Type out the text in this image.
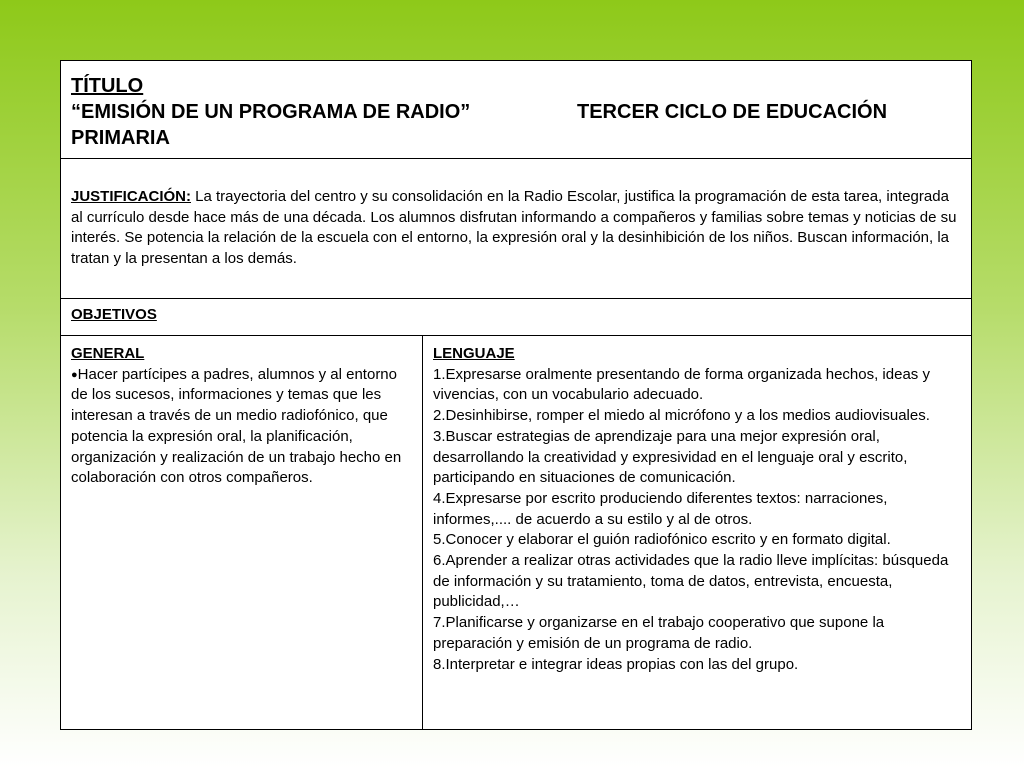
TÍTULO
“EMISIÓN DE UN PROGRAMA DE RADIO”	TERCER CICLO DE EDUCACIÓN
PRIMARIA
JUSTIFICACIÓN: La trayectoria del centro y su consolidación en la Radio Escolar, justifica la programación de esta tarea, integrada al currículo desde hace más de una década. Los alumnos disfrutan informando a compañeros y familias sobre temas y noticias de su interés. Se potencia la relación de la escuela con el entorno, la expresión oral y la desinhibición de los niños. Buscan información, la tratan y la presentan a los demás.
OBJETIVOS
GENERAL
●Hacer partícipes a padres, alumnos y al entorno de los sucesos, informaciones y temas que les interesan a través de un medio radiofónico, que potencia la expresión oral, la planificación, organización y realización de un trabajo hecho en colaboración con otros compañeros.
LENGUAJE

1.Expresarse oralmente presentando de forma organizada hechos, ideas y vivencias, con un vocabulario adecuado.

2.Desinhibirse, romper el miedo al micrófono y a los medios audiovisuales.

3.Buscar estrategias de aprendizaje para una mejor expresión oral, desarrollando la creatividad y expresividad en el lenguaje oral y escrito, participando en situaciones de comunicación.

4.Expresarse por escrito produciendo diferentes textos: narraciones, informes,.... de acuerdo a su estilo y al de otros.

5.Conocer y elaborar el guión radiofónico escrito y en formato digital.

6.Aprender a realizar otras actividades que la radio lleve implícitas: búsqueda de información y su tratamiento, toma de datos, entrevista, encuesta, publicidad,…

7.Planificarse y organizarse en el trabajo cooperativo que supone la preparación y emisión de un programa de radio.

8.Interpretar e integrar ideas propias con las del grupo.
